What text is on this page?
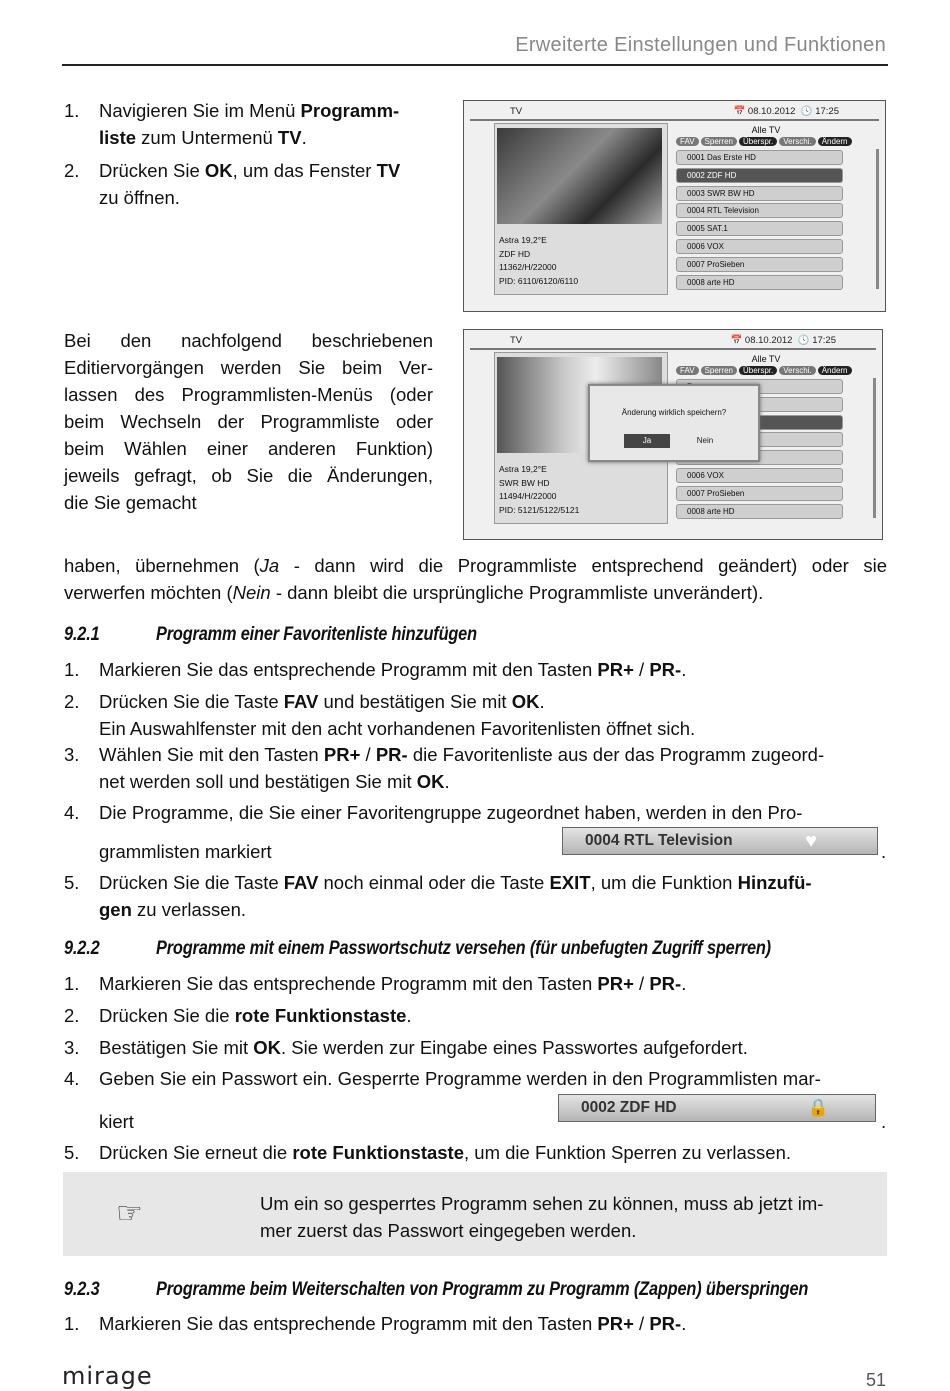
Erweiterte Einstellungen und Funktionen
1. Navigieren Sie im Menü Programm-
liste zum Untermenü TV.
2. Drücken Sie OK, um das Fenster TV
zu öffnen.
TV	📅 08.10.2012  🕓 17:25
Astra 19,2°E
ZDF HD
11362/H/22000
PID: 6110/6120/6110
Alle TV
FAV	Sperren	Überspr.	Verschi.	Ändern
0001 Das Erste HD
0002 ZDF HD
0003 SWR BW HD
0004 RTL Television
0005 SAT.1
0006 VOX
0007 ProSieben
0008 arte HD
Bei den nachfolgend beschriebenen
Editiervorgängen werden Sie beim Ver-
lassen des Programmlisten-Menüs (oder
beim Wechseln der Programmliste oder
beim Wählen einer anderen Funktion)
jeweils gefragt, ob Sie die Änderungen,
die Sie gemacht
TV	📅 08.10.2012  🕓 17:25
Astra 19,2°E
SWR BW HD
11494/H/22000
PID: 5121/5122/5121
Alle TV
FAV	Sperren	Überspr.	Verschi.	Ändern
0006 VOX
0007 ProSieben
0008 arte HD
Änderung wirklich speichern?
Ja	Nein
haben, übernehmen (Ja - dann wird die Programmliste entsprechend geändert) oder sie
verwerfen möchten (Nein - dann bleibt die ursprüngliche Programmliste unverändert).
9.2.1	Programm einer Favoritenliste hinzufügen
1. Markieren Sie das entsprechende Programm mit den Tasten PR+ / PR-.
2. Drücken Sie die Taste FAV und bestätigen Sie mit OK.
Ein Auswahlfenster mit den acht vorhandenen Favoritenlisten öffnet sich.
3. Wählen Sie mit den Tasten PR+ / PR- die Favoritenliste aus der das Programm zugeord-
net werden soll und bestätigen Sie mit OK.
4. Die Programme, die Sie einer Favoritengruppe zugeordnet haben, werden in den Pro-
grammlisten markiert
0004 RTL Television	♥	.
5. Drücken Sie die Taste FAV noch einmal oder die Taste EXIT, um die Funktion Hinzufü-
gen zu verlassen.
9.2.2	Programme mit einem Passwortschutz versehen (für unbefugten Zugriff sperren)
1. Markieren Sie das entsprechende Programm mit den Tasten PR+ / PR-.
2. Drücken Sie die rote Funktionstaste.
3. Bestätigen Sie mit OK. Sie werden zur Eingabe eines Passwortes aufgefordert.
4. Geben Sie ein Passwort ein. Gesperrte Programme werden in den Programmlisten mar-
kiert
0002 ZDF HD	🔒
.
5. Drücken Sie erneut die rote Funktionstaste, um die Funktion Sperren zu verlassen.
☞	Um ein so gesperrtes Programm sehen zu können, muss ab jetzt im-
mer zuerst das Passwort eingegeben werden.
9.2.3	Programme beim Weiterschalten von Programm zu Programm (Zappen) überspringen
1. Markieren Sie das entsprechende Programm mit den Tasten PR+ / PR-.
mirage	51
